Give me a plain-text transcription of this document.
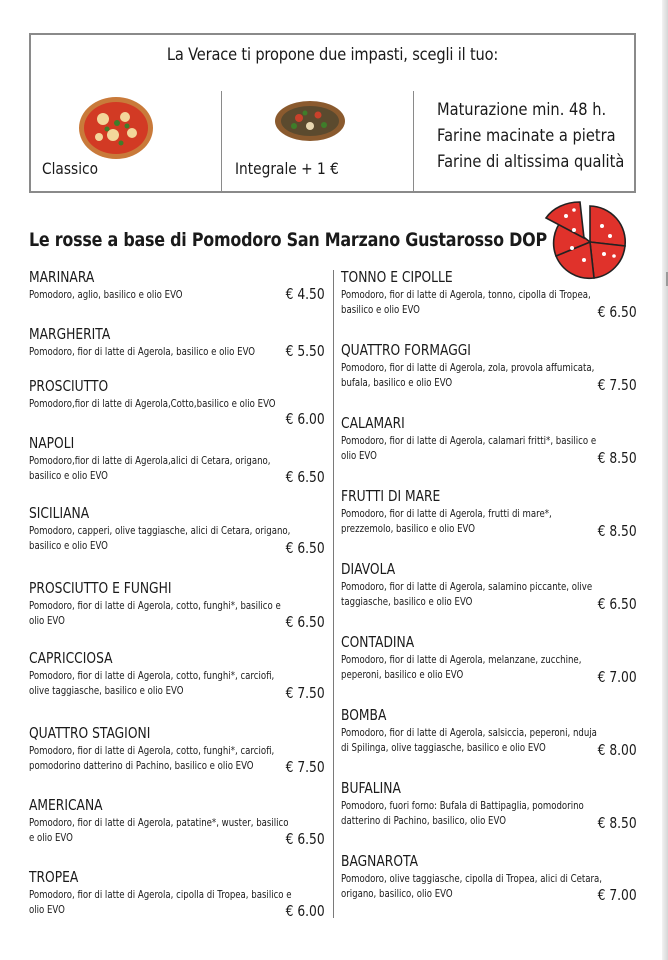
La Verace ti propone due impasti, scegli il tuo:
Classico	Integrale + 1 €
Maturazione min. 48 h.
Farine macinate a pietra
Farine di altissima qualità
Le rosse a base di Pomodoro San Marzano Gustarosso DOP
MARINARA
Pomodoro, aglio, basilico e olio EVO	€ 4.50
MARGHERITA
Pomodoro, fior di latte di Agerola, basilico e olio EVO	€ 5.50
PROSCIUTTO
Pomodoro,fior di latte di Agerola,Cotto,basilico e olio EVO
€ 6.00
NAPOLI
Pomodoro,fior di latte di Agerola,alici di Cetara, origano, basilico e olio EVO	€ 6.50
SICILIANA
Pomodoro, capperi, olive taggiasche, alici di Cetara, origano, basilico e olio EVO	€ 6.50
PROSCIUTTO E FUNGHI
Pomodoro, fior di latte di Agerola, cotto, funghi*, basilico e olio EVO	€ 6.50
CAPRICCIOSA
Pomodoro, fior di latte di Agerola, cotto, funghi*, carciofi, olive taggiasche, basilico e olio EVO	€ 7.50
QUATTRO STAGIONI
Pomodoro, fior di latte di Agerola, cotto, funghi*, carciofi, pomodorino datterino di Pachino, basilico e olio EVO	€ 7.50
AMERICANA
Pomodoro, fior di latte di Agerola, patatine*, wuster, basilico e olio EVO	€ 6.50
TROPEA
Pomodoro, fior di latte di Agerola, cipolla di Tropea, basilico e olio EVO	€ 6.00
TONNO E CIPOLLE
Pomodoro, fior di latte di Agerola, tonno, cipolla di Tropea, basilico e olio EVO	€ 6.50
QUATTRO FORMAGGI
Pomodoro, fior di latte di Agerola, zola, provola affumicata, bufala, basilico e olio EVO	€ 7.50
CALAMARI
Pomodoro, fior di latte di Agerola, calamari fritti*, basilico e olio EVO	€ 8.50
FRUTTI DI MARE
Pomodoro, fior di latte di Agerola, frutti di mare*, prezzemolo, basilico e olio EVO	€ 8.50
DIAVOLA
Pomodoro, fior di latte di Agerola, salamino piccante, olive taggiasche, basilico e olio EVO	€ 6.50
CONTADINA
Pomodoro, fior di latte di Agerola, melanzane, zucchine, peperoni, basilico e olio EVO	€ 7.00
BOMBA
Pomodoro, fior di latte di Agerola, salsiccia, peperoni, nduja di Spilinga, olive taggiasche, basilico e olio EVO	€ 8.00
BUFALINA
Pomodoro, fuori forno: Bufala di Battipaglia, pomodorino datterino di Pachino, basilico, olio EVO	€ 8.50
BAGNAROTA
Pomodoro, olive taggiasche, cipolla di Tropea, alici di Cetara, origano, basilico, olio EVO	€ 7.00
